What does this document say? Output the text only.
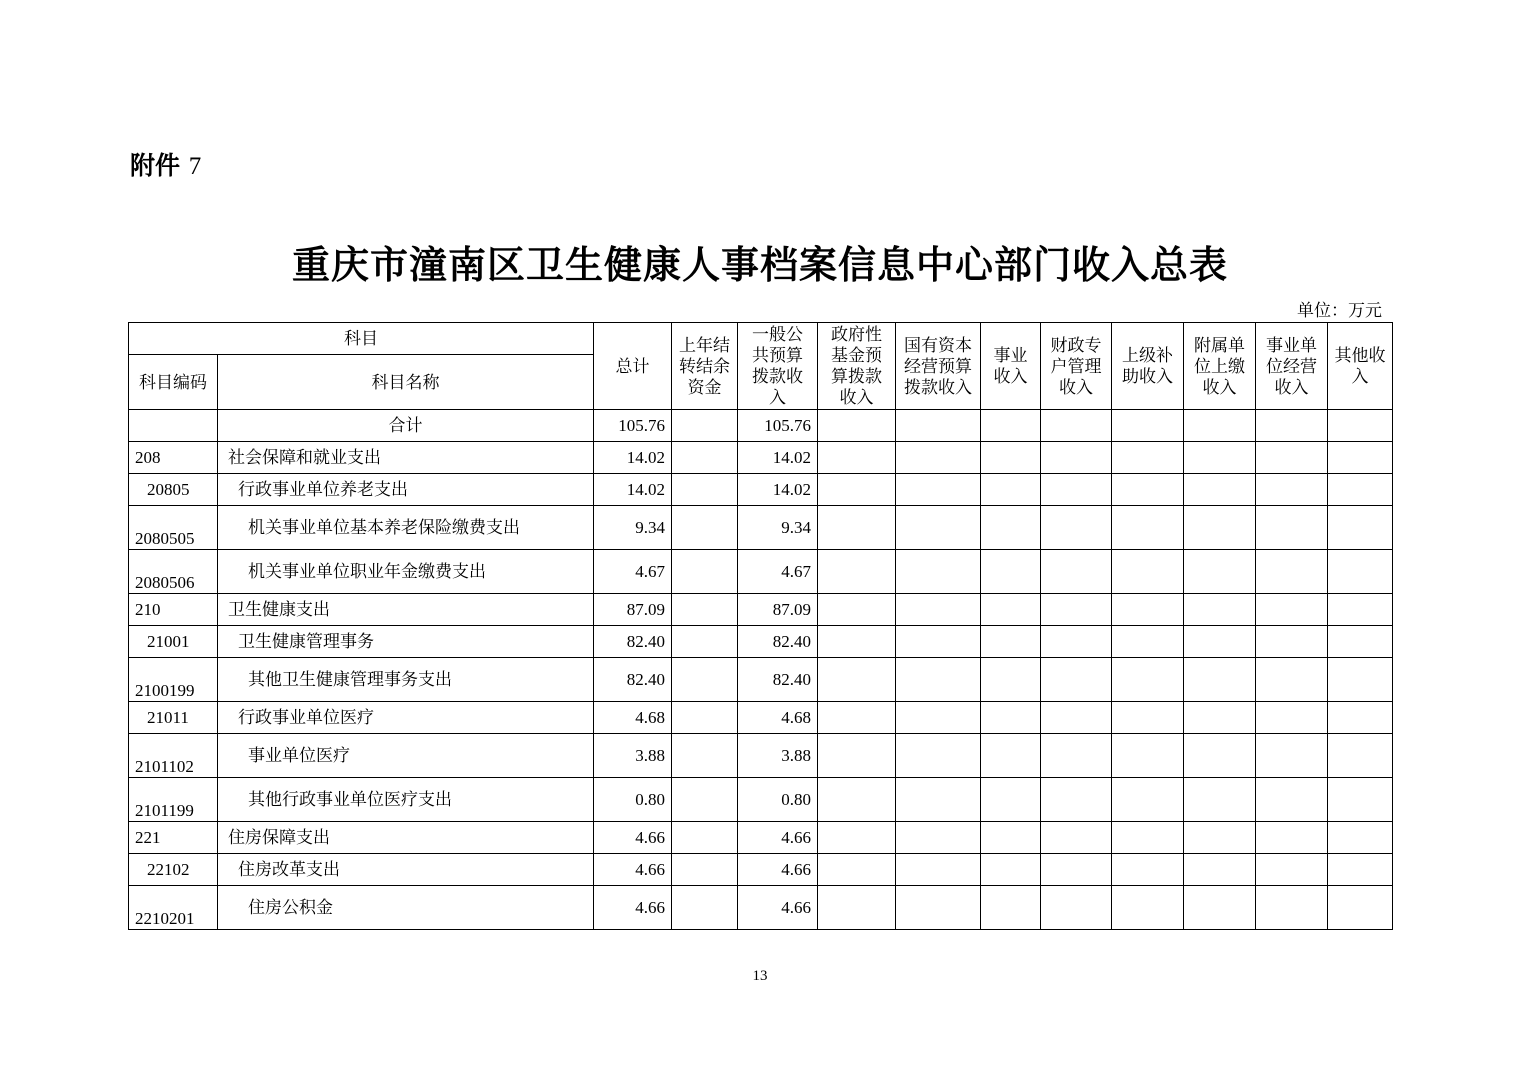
附件 7
重庆市潼南区卫生健康人事档案信息中心部门收入总表
单位：万元
科目		总计	上年结转结余资金	一般公共预算拨款收入	政府性基金预算拨款收入	国有资本经营预算拨款收入	事业收入	财政专户管理收入	上级补助收入	附属单位上缴收入	事业单位经营收入	其他收入
科目编码	科目名称											
	合计	105.76		105.76								
208	社会保障和就业支出	14.02		14.02								
20805	行政事业单位养老支出	14.02		14.02								
2080505	机关事业单位基本养老保险缴费支出	9.34		9.34								
2080506	机关事业单位职业年金缴费支出	4.67		4.67								
210	卫生健康支出	87.09		87.09								
21001	卫生健康管理事务	82.40		82.40								
2100199	其他卫生健康管理事务支出	82.40		82.40								
21011	行政事业单位医疗	4.68		4.68								
2101102	事业单位医疗	3.88		3.88								
2101199	其他行政事业单位医疗支出	0.80		0.80								
221	住房保障支出	4.66		4.66								
22102	住房改革支出	4.66		4.66								
2210201	住房公积金	4.66		4.66								
13
